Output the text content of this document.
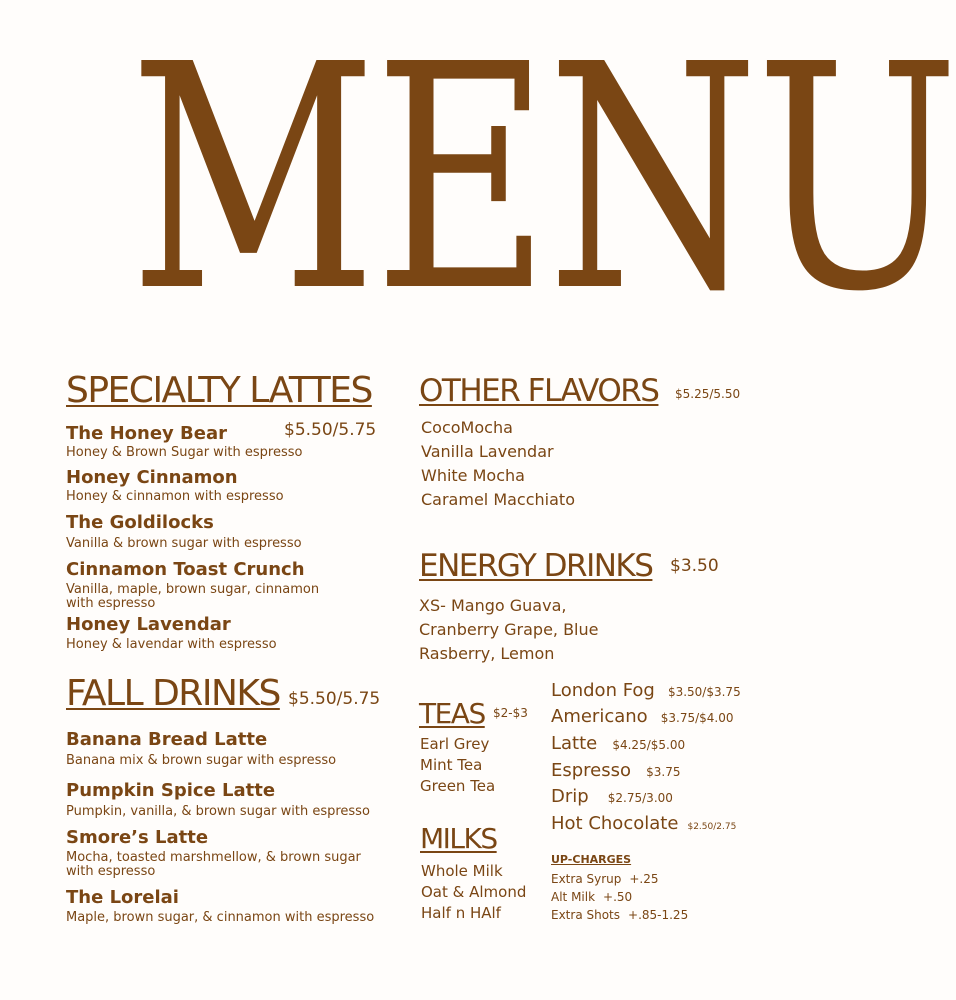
MENU
SPECIALTY LATTES
$5.50/5.75
The Honey Bear
Honey & Brown Sugar with espresso
Honey Cinnamon
Honey & cinnamon with espresso
The Goldilocks
Vanilla & brown sugar with espresso
Cinnamon Toast Crunch
Vanilla, maple, brown sugar, cinnamon with espresso
Honey Lavendar
Honey & lavendar with espresso
FALL DRINKS $5.50/5.75
Banana Bread Latte
Banana mix & brown sugar with espresso
Pumpkin Spice Latte
Pumpkin, vanilla, & brown sugar with espresso
Smore’s Latte
Mocha, toasted marshmellow, & brown sugar with espresso
The Lorelai
Maple, brown sugar, & cinnamon with espresso
OTHER FLAVORS $5.25/5.50
CocoMocha
Vanilla Lavendar
White Mocha
Caramel Macchiato
ENERGY DRINKS $3.50
XS- Mango Guava,
Cranberry Grape, Blue
Rasberry, Lemon
TEAS $2-$3
Earl Grey
Mint Tea
Green Tea
MILKS
Whole Milk
Oat & Almond
Half n HAlf
London Fog $3.50/$3.75
Americano $3.75/$4.00
Latte $4.25/$5.00
Espresso $3.75
Drip $2.75/3.00
Hot Chocolate $2.50/2.75
UP-CHARGES
Extra Syrup +.25
Alt Milk +.50
Extra Shots +.85-1.25
